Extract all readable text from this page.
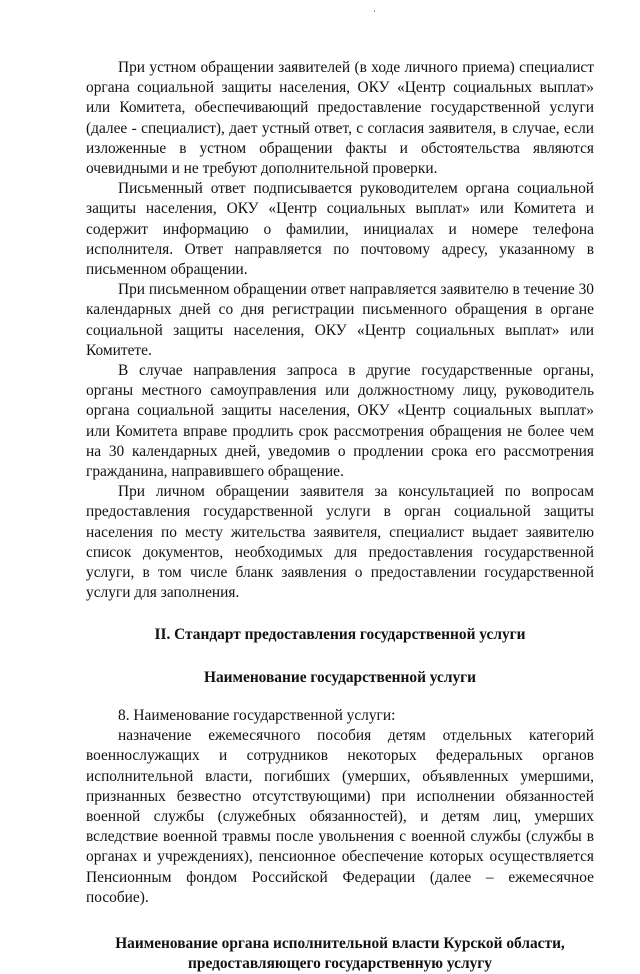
При устном обращении заявителей (в ходе личного приема) специалист органа социальной защиты населения, ОКУ «Центр социальных выплат» или Комитета, обеспечивающий предоставление государственной услуги (далее - специалист), дает устный ответ, с согласия заявителя, в случае, если изложенные в устном обращении факты и обстоятельства являются очевидными и не требуют дополнительной проверки.

Письменный ответ подписывается руководителем органа социальной защиты населения, ОКУ «Центр социальных выплат» или Комитета и содержит информацию о фамилии, инициалах и номере телефона исполнителя. Ответ направляется по почтовому адресу, указанному в письменном обращении.

При письменном обращении ответ направляется заявителю в течение 30 календарных дней со дня регистрации письменного обращения в органе социальной защиты населения, ОКУ «Центр социальных выплат» или Комитете.

В случае направления запроса в другие государственные органы, органы местного самоуправления или должностному лицу, руководитель органа социальной защиты населения, ОКУ «Центр социальных выплат» или Комитета вправе продлить срок рассмотрения обращения не более чем на 30 календарных дней, уведомив о продлении срока его рассмотрения гражданина, направившего обращение.

При личном обращении заявителя за консультацией по вопросам предоставления государственной услуги в орган социальной защиты населения по месту жительства заявителя, специалист выдает заявителю список документов, необходимых для предоставления государственной услуги, в том числе бланк заявления о предоставлении государственной услуги для заполнения.

II. Стандарт предоставления государственной услуги
Наименование государственной услуги

8. Наименование государственной услуги:

назначение ежемесячного пособия детям отдельных категорий военнослужащих и сотрудников некоторых федеральных органов исполнительной власти, погибших (умерших, объявленных умершими, признанных безвестно отсутствующими) при исполнении обязанностей военной службы (служебных обязанностей), и детям лиц, умерших вследствие военной травмы после увольнения с военной службы (службы в органах и учреждениях), пенсионное обеспечение которых осуществляется Пенсионным фондом Российской Федерации (далее – ежемесячное пособие).

Наименование органа исполнительной власти Курской области,
предоставляющего государственную услугу
